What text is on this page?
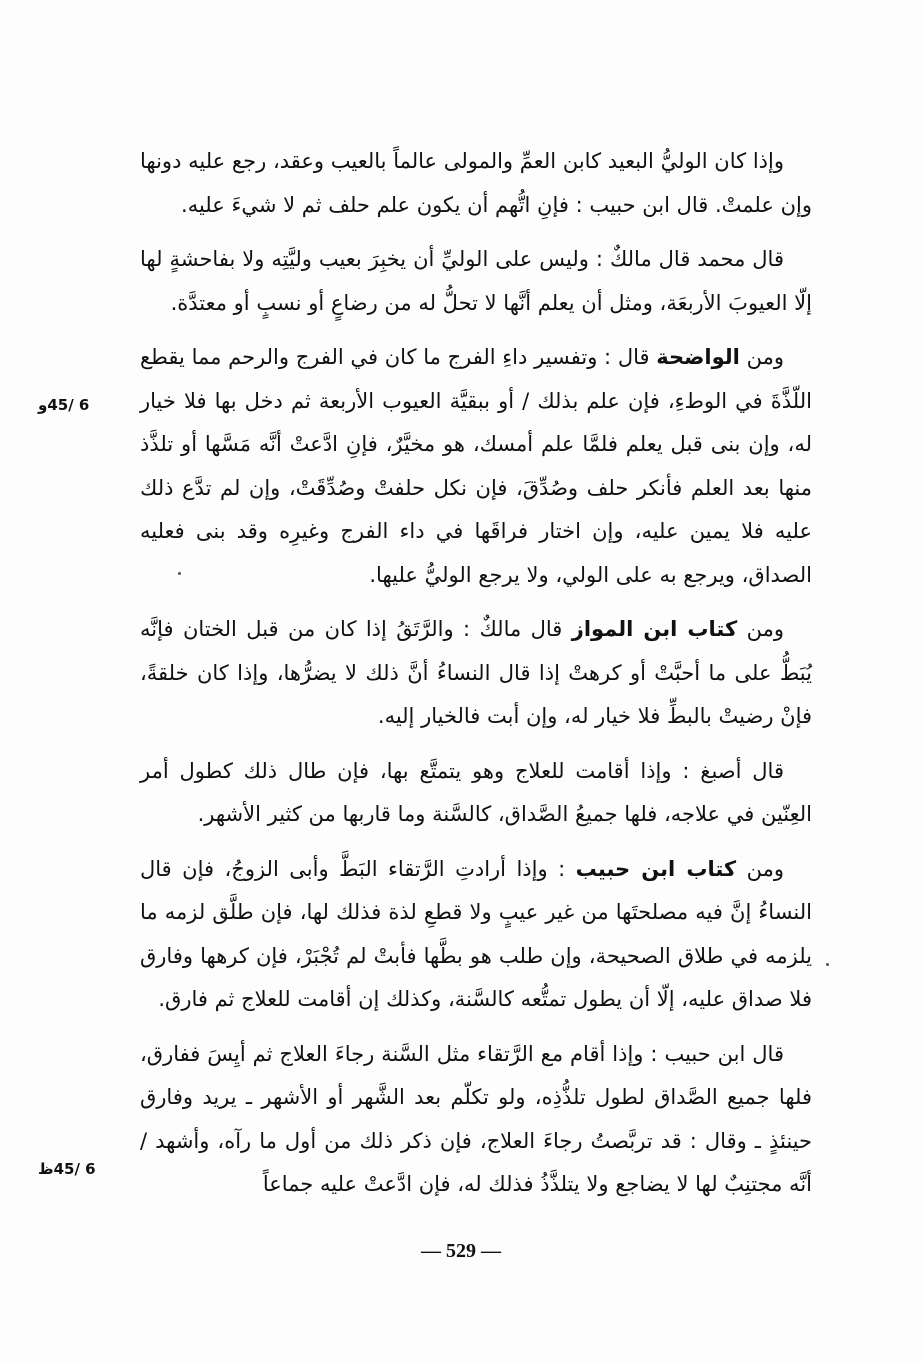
وإذا كان الوليُّ البعيد كابن العمِّ والمولى عالماً بالعيب وعقد، رجع عليه دونها وإن علمتْ. قال ابن حبيب : فإنِ اتُّهم أن يكون علم حلف ثم لا شيءَ عليه.

قال محمد قال مالكٌ : وليس على الوليِّ أن يخبِرَ بعيب وليَّتِه ولا بفاحشةٍ لها إلّا العيوبَ الأربعَة، ومثل أن يعلم أنَّها لا تحلُّ له من رضاعٍ أو نسبٍ أو معتدَّة.

ومن الواضحة قال : وتفسير داءِ الفرج ما كان في الفرج والرحم مما يقطع اللّذَّةَ في الوطءِ، فإن علم بذلك / أو ببقيَّة العيوب الأربعة ثم دخل بها فلا خيار له، وإن بنى قبل يعلم فلمَّا علم أمسك، هو مخيَّرٌ، فإنِ ادَّعتْ أنَّه مَسَّها أو تلذَّذ منها بعد العلم فأنكر حلف وصُدِّقَ، فإن نكل حلفتْ وصُدِّقَتْ، وإن لم تدَّع ذلك عليه فلا يمين عليه، وإن اختار فراقَها في داء الفرج وغيرِه وقد بنى فعليه الصداق، ويرجع به على الولي، ولا يرجع الوليُّ عليها.

ومن كتاب ابن المواز قال مالكٌ : والرَّتَقُ إذا كان من قبل الختان فإنَّه يُبَطُّ على ما أحبَّتْ أو كرهتْ إذا قال النساءُ أنَّ ذلك لا يضرُّها، وإذا كان خلقةً، فإنْ رضيتْ بالبطِّ فلا خيار له، وإن أبت فالخيار إليه.

قال أصبغ : وإذا أقامت للعلاج وهو يتمتَّع بها، فإن طال ذلك كطول أمر العِنّين في علاجه، فلها جميعُ الصَّداق، كالسَّنة وما قاربها من كثير الأشهر.

ومن كتاب ابن حبيب : وإذا أرادتِ الرَّتقاء البَطَّ وأبى الزوجُ، فإن قال النساءُ إنَّ فيه مصلحتَها من غير عيبٍ ولا قطعِ لذة فذلك لها، فإن طلَّق لزمه ما يلزمه في طلاق الصحيحة، وإن طلب هو بطَّها فأبتْ لم تُجْبَرْ، فإن كرهها وفارق فلا صداق عليه، إلّا أن يطول تمتُّعه كالسَّنة، وكذلك إن أقامت للعلاج ثم فارق.

قال ابن حبيب : وإذا أقام مع الرَّتقاء مثل السَّنة رجاءَ العلاج ثم أيِسَ ففارق، فلها جميع الصَّداق لطول تلذُّذِه، ولو تكلّم بعد الشَّهر أو الأشهر ـ يريد وفارق حينئذٍ ـ وقال : قد تربَّصتُ رجاءَ العلاج، فإن ذكر ذلك من أول ما رآه، وأشهد / أنَّه مجتنِبٌ لها لا يضاجع ولا يتلذَّذُ فذلك له، فإن ادَّعتْ عليه جماعاً

6 /45و
6 /45ظ
— 529 —
